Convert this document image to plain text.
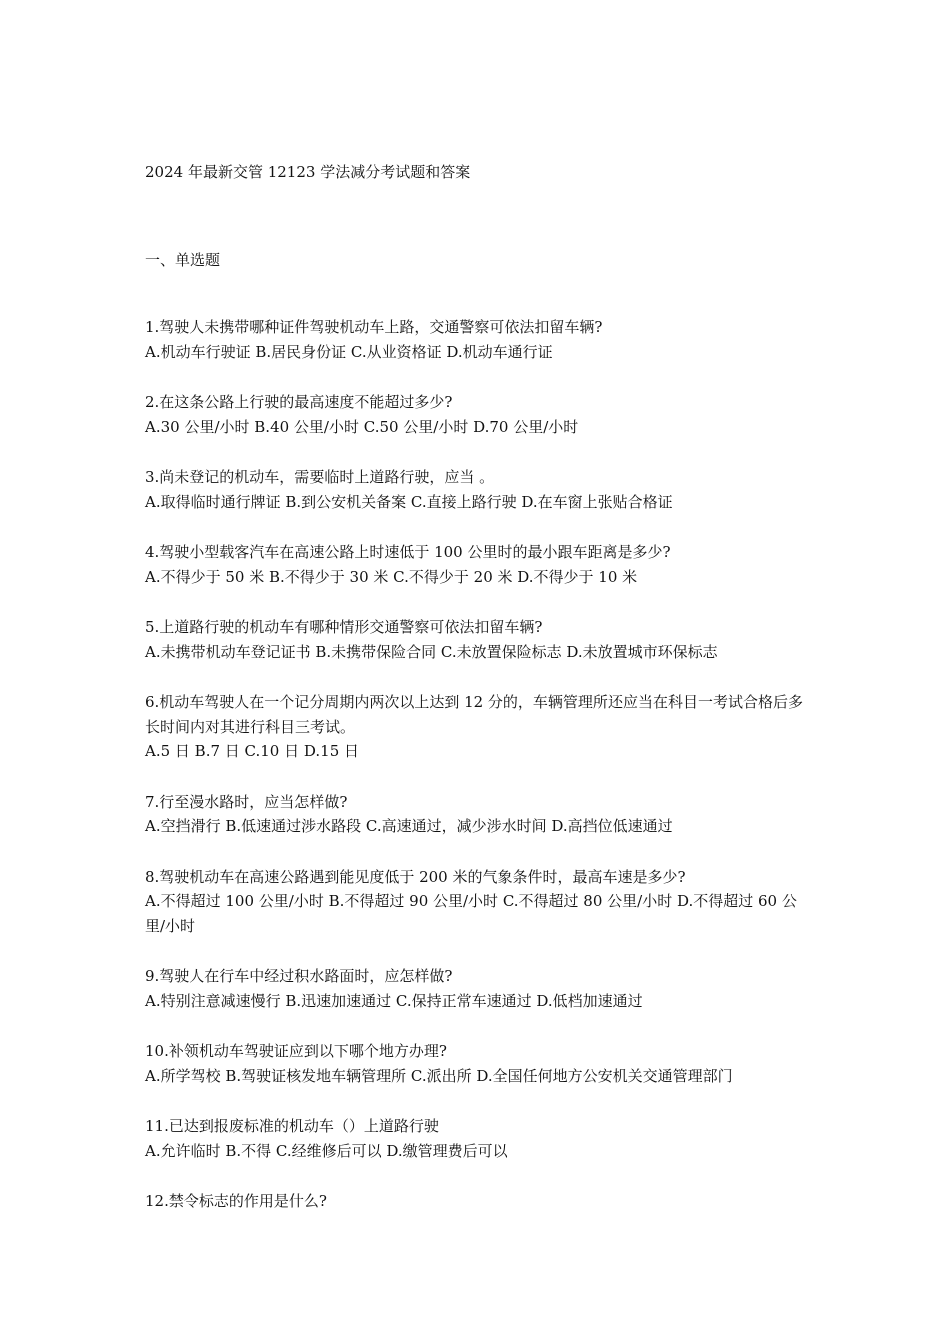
2024 年最新交管 12123 学法减分考试题和答案
一、单选题

1.驾驶人未携带哪种证件驾驶机动车上路，交通警察可依法扣留车辆?

A.机动车行驶证 B.居民身份证 C.从业资格证 D.机动车通行证

2.在这条公路上行驶的最高速度不能超过多少?

A.30 公里/小时 B.40 公里/小时 C.50 公里/小时 D.70 公里/小时

3.尚未登记的机动车，需要临时上道路行驶，应当 。

A.取得临时通行牌证 B.到公安机关备案 C.直接上路行驶 D.在车窗上张贴合格证

4.驾驶小型载客汽车在高速公路上时速低于 100 公里时的最小跟车距离是多少?

A.不得少于 50 米 B.不得少于 30 米 C.不得少于 20 米 D.不得少于 10 米

5.上道路行驶的机动车有哪种情形交通警察可依法扣留车辆?

A.未携带机动车登记证书 B.未携带保险合同 C.未放置保险标志 D.未放置城市环保标志

6.机动车驾驶人在一个记分周期内两次以上达到 12 分的，车辆管理所还应当在科目一考试合格后多长时间内对其进行科目三考试。

A.5 日 B.7 日 C.10 日 D.15 日

7.行至漫水路时，应当怎样做?

A.空挡滑行 B.低速通过涉水路段 C.高速通过，减少涉水时间 D.高挡位低速通过

8.驾驶机动车在高速公路遇到能见度低于 200 米的气象条件时，最高车速是多少?

A.不得超过 100 公里/小时 B.不得超过 90 公里/小时 C.不得超过 80 公里/小时 D.不得超过 60 公里/小时

9.驾驶人在行车中经过积水路面时，应怎样做?

A.特别注意减速慢行 B.迅速加速通过 C.保持正常车速通过 D.低档加速通过

10.补领机动车驾驶证应到以下哪个地方办理?

A.所学驾校 B.驾驶证核发地车辆管理所 C.派出所 D.全国任何地方公安机关交通管理部门

11.已达到报废标准的机动车（）上道路行驶

A.允许临时 B.不得 C.经维修后可以 D.缴管理费后可以

12.禁令标志的作用是什么?
